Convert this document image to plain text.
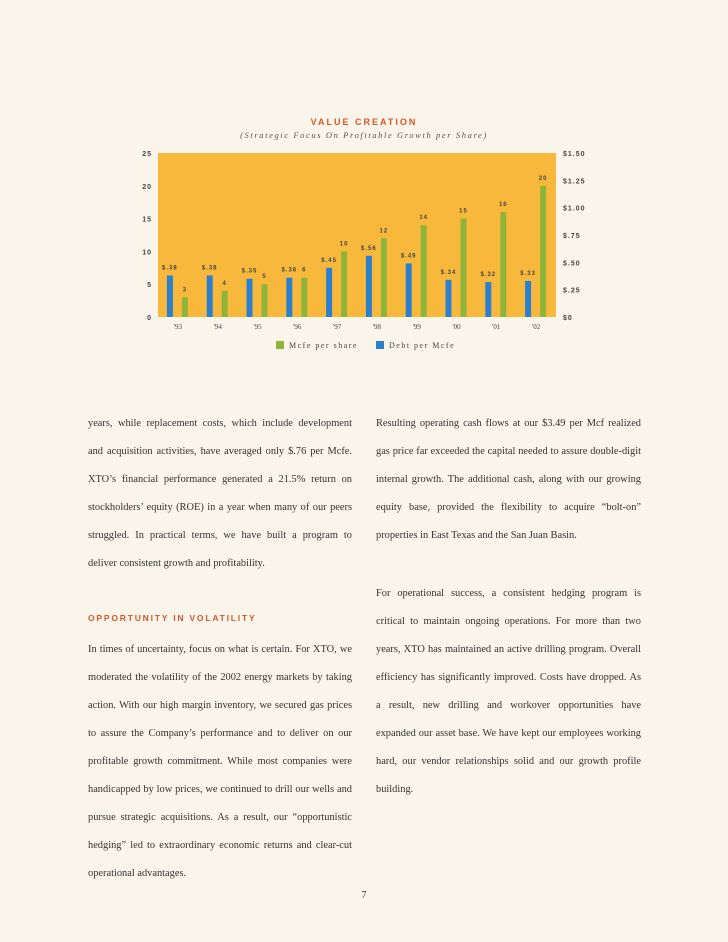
VALUE CREATION
(Strategic Focus On Profitable Growth per Share)
0
5
10
15
20
25
$0
$.25
$.50
$.75
$1.00
$1.25
$1.50
$.38
3
'93
$.38
4
'94
$.35
5
'95
$.36 6
'96
$.45
10
'97
$.56
12
'98
$.49
14
'99
$.34
15
'00
$.32
16
'01
$.33
20
'02
Mcfe per share	Debt per Mcfe

years, while replacement costs, which include development and acquisition activities, have averaged only $.76 per Mcfe. XTO’s financial performance generated a 21.5% return on stockholders’ equity (ROE) in a year when many of our peers struggled. In practical terms, we have built a program to deliver consistent growth and profitability.

OPPORTUNITY IN VOLATILITY

In times of uncertainty, focus on what is certain. For XTO, we moderated the volatility of the 2002 energy markets by taking action. With our high margin inventory, we secured gas prices to assure the Company’s performance and to deliver on our profitable growth commitment. While most companies were handicapped by low prices, we continued to drill our wells and pursue strategic acquisitions. As a result, our “opportunistic hedging” led to extraordinary economic returns and clear-cut operational advantages.

Resulting operating cash flows at our $3.49 per Mcf realized gas price far exceeded the capital needed to assure double-digit internal growth. The additional cash, along with our growing equity base, provided the flexibility to acquire “bolt-on” properties in East Texas and the San Juan Basin.

For operational success, a consistent hedging program is critical to maintain ongoing operations. For more than two years, XTO has maintained an active drilling program. Overall efficiency has significantly improved. Costs have dropped. As a result, new drilling and workover opportunities have expanded our asset base. We have kept our employees working hard, our vendor relationships solid and our growth profile building.

7
